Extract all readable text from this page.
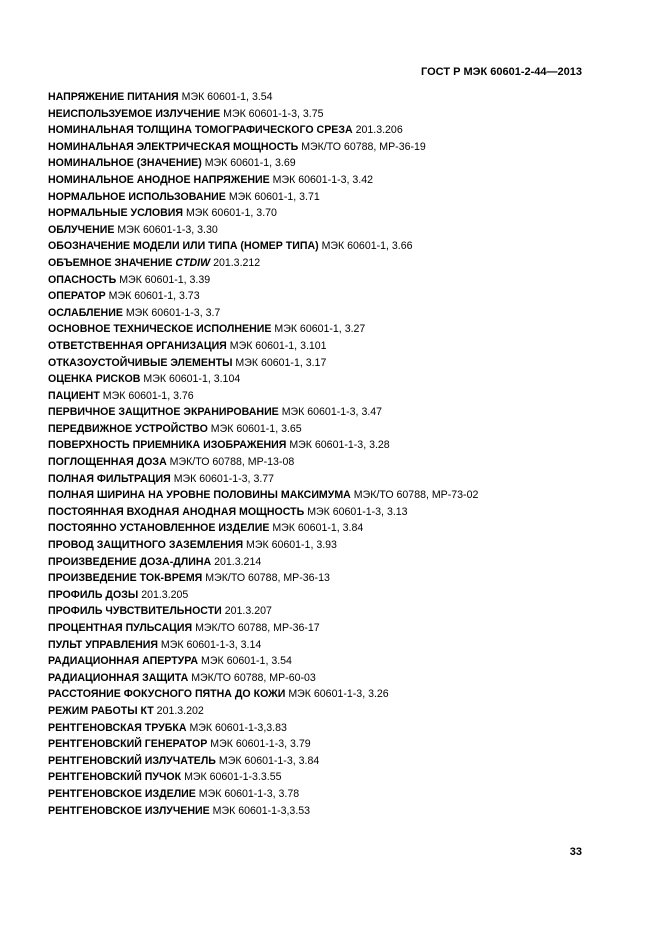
ГОСТ Р МЭК 60601-2-44—2013
НАПРЯЖЕНИЕ ПИТАНИЯ МЭК 60601-1, 3.54
НЕИСПОЛЬЗУЕМОЕ ИЗЛУЧЕНИЕ МЭК 60601-1-3, 3.75
НОМИНАЛЬНАЯ ТОЛЩИНА ТОМОГРАФИЧЕСКОГО СРЕЗА 201.3.206
НОМИНАЛЬНАЯ ЭЛЕКТРИЧЕСКАЯ МОЩНОСТЬ МЭК/ТО 60788, МР-36-19
НОМИНАЛЬНОЕ (ЗНАЧЕНИЕ) МЭК 60601-1, 3.69
НОМИНАЛЬНОЕ АНОДНОЕ НАПРЯЖЕНИЕ МЭК 60601-1-3, 3.42
НОРМАЛЬНОЕ ИСПОЛЬЗОВАНИЕ МЭК 60601-1, 3.71
НОРМАЛЬНЫЕ УСЛОВИЯ МЭК 60601-1, 3.70
ОБЛУЧЕНИЕ МЭК 60601-1-3, 3.30
ОБОЗНАЧЕНИЕ МОДЕЛИ ИЛИ ТИПА (НОМЕР ТИПА) МЭК 60601-1, 3.66
ОБЪЕМНОЕ ЗНАЧЕНИЕ CTDIW 201.3.212
ОПАСНОСТЬ МЭК 60601-1, 3.39
ОПЕРАТОР МЭК 60601-1, 3.73
ОСЛАБЛЕНИЕ МЭК 60601-1-3, 3.7
ОСНОВНОЕ ТЕХНИЧЕСКОЕ ИСПОЛНЕНИЕ МЭК 60601-1, 3.27
ОТВЕТСТВЕННАЯ ОРГАНИЗАЦИЯ МЭК 60601-1, 3.101
ОТКАЗОУСТОЙЧИВЫЕ ЭЛЕМЕНТЫ МЭК 60601-1, 3.17
ОЦЕНКА РИСКОВ МЭК 60601-1, 3.104
ПАЦИЕНТ МЭК 60601-1, 3.76
ПЕРВИЧНОЕ ЗАЩИТНОЕ ЭКРАНИРОВАНИЕ МЭК 60601-1-3, 3.47
ПЕРЕДВИЖНОЕ УСТРОЙСТВО МЭК 60601-1, 3.65
ПОВЕРХНОСТЬ ПРИЕМНИКА ИЗОБРАЖЕНИЯ МЭК 60601-1-3, 3.28
ПОГЛОЩЕННАЯ ДОЗА МЭК/ТО 60788, МР-13-08
ПОЛНАЯ ФИЛЬТРАЦИЯ МЭК 60601-1-3, 3.77
ПОЛНАЯ ШИРИНА НА УРОВНЕ ПОЛОВИНЫ МАКСИМУМА МЭК/ТО 60788, МР-73-02
ПОСТОЯННАЯ ВХОДНАЯ АНОДНАЯ МОЩНОСТЬ МЭК 60601-1-3, 3.13
ПОСТОЯННО УСТАНОВЛЕННОЕ ИЗДЕЛИЕ МЭК 60601-1, 3.84
ПРОВОД ЗАЩИТНОГО ЗАЗЕМЛЕНИЯ МЭК 60601-1, 3.93
ПРОИЗВЕДЕНИЕ ДОЗА-ДЛИНА 201.3.214
ПРОИЗВЕДЕНИЕ ТОК-ВРЕМЯ МЭК/ТО 60788, МР-36-13
ПРОФИЛЬ ДОЗЫ 201.3.205
ПРОФИЛЬ ЧУВСТВИТЕЛЬНОСТИ 201.3.207
ПРОЦЕНТНАЯ ПУЛЬСАЦИЯ МЭК/ТО 60788, МР-36-17
ПУЛЬТ УПРАВЛЕНИЯ МЭК 60601-1-3, 3.14
РАДИАЦИОННАЯ АПЕРТУРА МЭК 60601-1, 3.54
РАДИАЦИОННАЯ ЗАЩИТА МЭК/ТО 60788, МР-60-03
РАССТОЯНИЕ ФОКУСНОГО ПЯТНА ДО КОЖИ МЭК 60601-1-3, 3.26
РЕЖИМ РАБОТЫ КТ 201.3.202
РЕНТГЕНОВСКАЯ ТРУБКА МЭК 60601-1-3,3.83
РЕНТГЕНОВСКИЙ ГЕНЕРАТОР МЭК 60601-1-3, 3.79
РЕНТГЕНОВСКИЙ ИЗЛУЧАТЕЛЬ МЭК 60601-1-3, 3.84
РЕНТГЕНОВСКИЙ ПУЧОК МЭК 60601-1-3.3.55
РЕНТГЕНОВСКОЕ ИЗДЕЛИЕ МЭК 60601-1-3, 3.78
РЕНТГЕНОВСКОЕ ИЗЛУЧЕНИЕ МЭК 60601-1-3,3.53
33
